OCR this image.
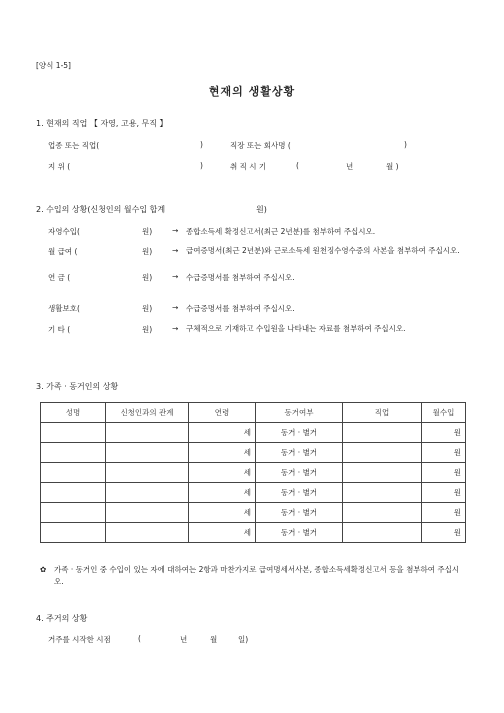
[양식 1-5]
현재의 생활상황
1. 현재의 직업 【 자영, 고용, 무직 】
업종 또는 직업(	)	직장 또는 회사명 (	)
지 위 (	)	취 직 시 기	(	년	월 )
2. 수입의 상황(신청인의 월수입 합계	원)
자영수입(	원)	→ 종합소득세 확정신고서(최근 2년분)를 첨부하여 주십시오.
월 급여 (	원)	→ 급여증명서(최근 2년분)와 근로소득세 원천징수영수증의 사본을 첨부하여 주십시오.
연 금 (	원)	→ 수급증명서를 첨부하여 주십시오.
생활보호(	원)	→ 수급증명서를 첨부하여 주십시오.
기 타 (	원)	→ 구체적으로 기재하고 수입원을 나타내는 자료를 첨부하여 주십시오.
3. 가족 · 동거인의 상황
성명	신청인과의 관계	연령	동거여부	직업	월수입
		세	동거 · 별거		원
		세	동거 · 별거		원
		세	동거 · 별거		원
		세	동거 · 별거		원
		세	동거 · 별거		원
		세	동거 · 별거		원
✿ 가족 · 동거인 중 수입이 있는 자에 대하여는 2항과 마찬가지로 급여명세서사본, 종합소득세확정신고서 등을 첨부하여 주십시오.
4. 주거의 상황
거주를 시작한 시점	(	년	월	일)
